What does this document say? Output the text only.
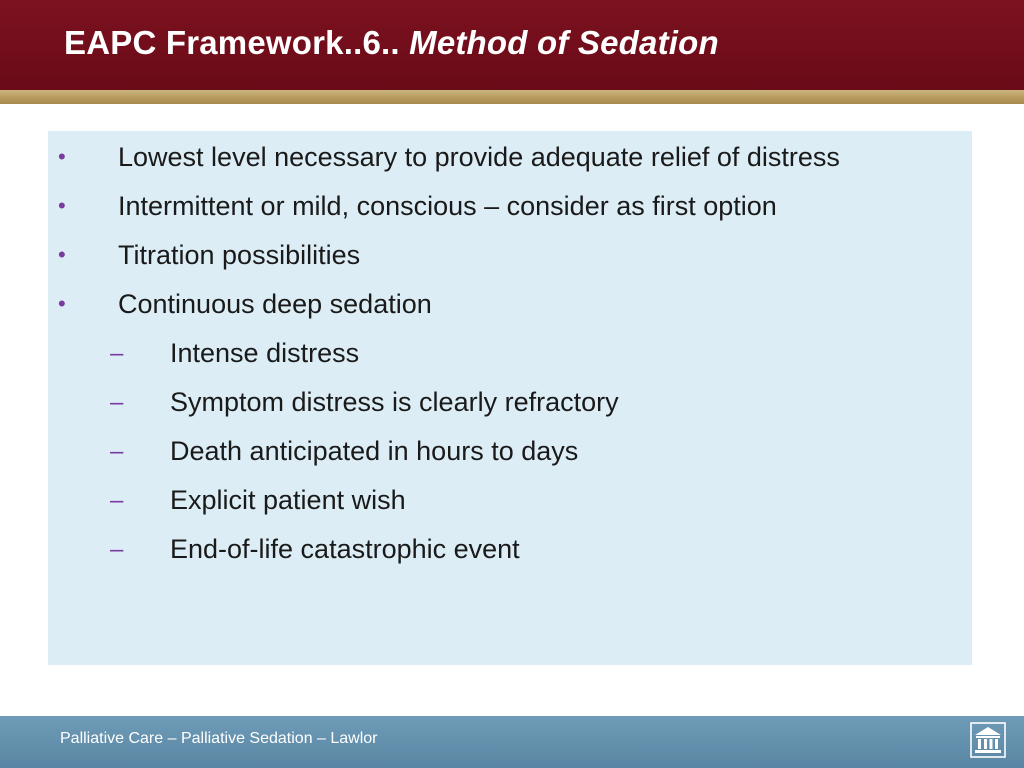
EAPC Framework..6.. Method of Sedation
• Lowest level necessary to provide adequate relief of distress
• Intermittent or mild, conscious – consider as first option
• Titration possibilities
• Continuous deep sedation
– Intense distress
– Symptom distress is clearly refractory
– Death anticipated in hours to days
– Explicit patient wish
– End-of-life catastrophic event
Palliative Care – Palliative Sedation – Lawlor
